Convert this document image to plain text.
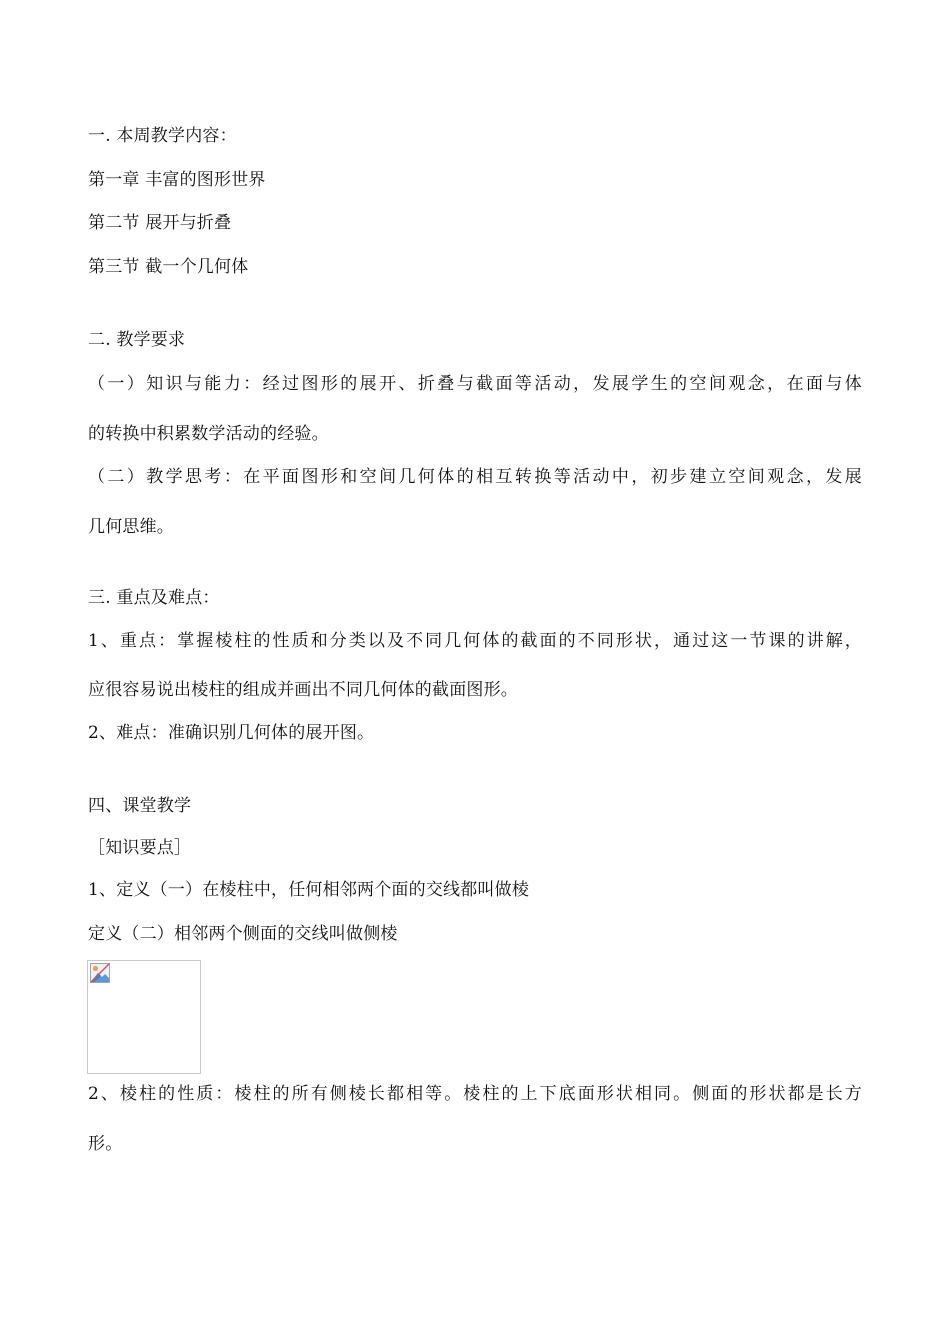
一. 本周教学内容：
第一章 丰富的图形世界
第二节 展开与折叠
第三节 截一个几何体
二. 教学要求
（一）知识与能力：经过图形的展开、折叠与截面等活动，发展学生的空间观念，在面与体
的转换中积累数学活动的经验。
（二）教学思考：在平面图形和空间几何体的相互转换等活动中，初步建立空间观念，发展
几何思维。
三. 重点及难点：
1、重点：掌握棱柱的性质和分类以及不同几何体的截面的不同形状，通过这一节课的讲解，
应很容易说出棱柱的组成并画出不同几何体的截面图形。
2、难点：准确识别几何体的展开图。
四、课堂教学
［知识要点］
1、定义（一）在棱柱中，任何相邻两个面的交线都叫做棱
定义（二）相邻两个侧面的交线叫做侧棱
2、棱柱的性质：棱柱的所有侧棱长都相等。棱柱的上下底面形状相同。侧面的形状都是长方
形。
